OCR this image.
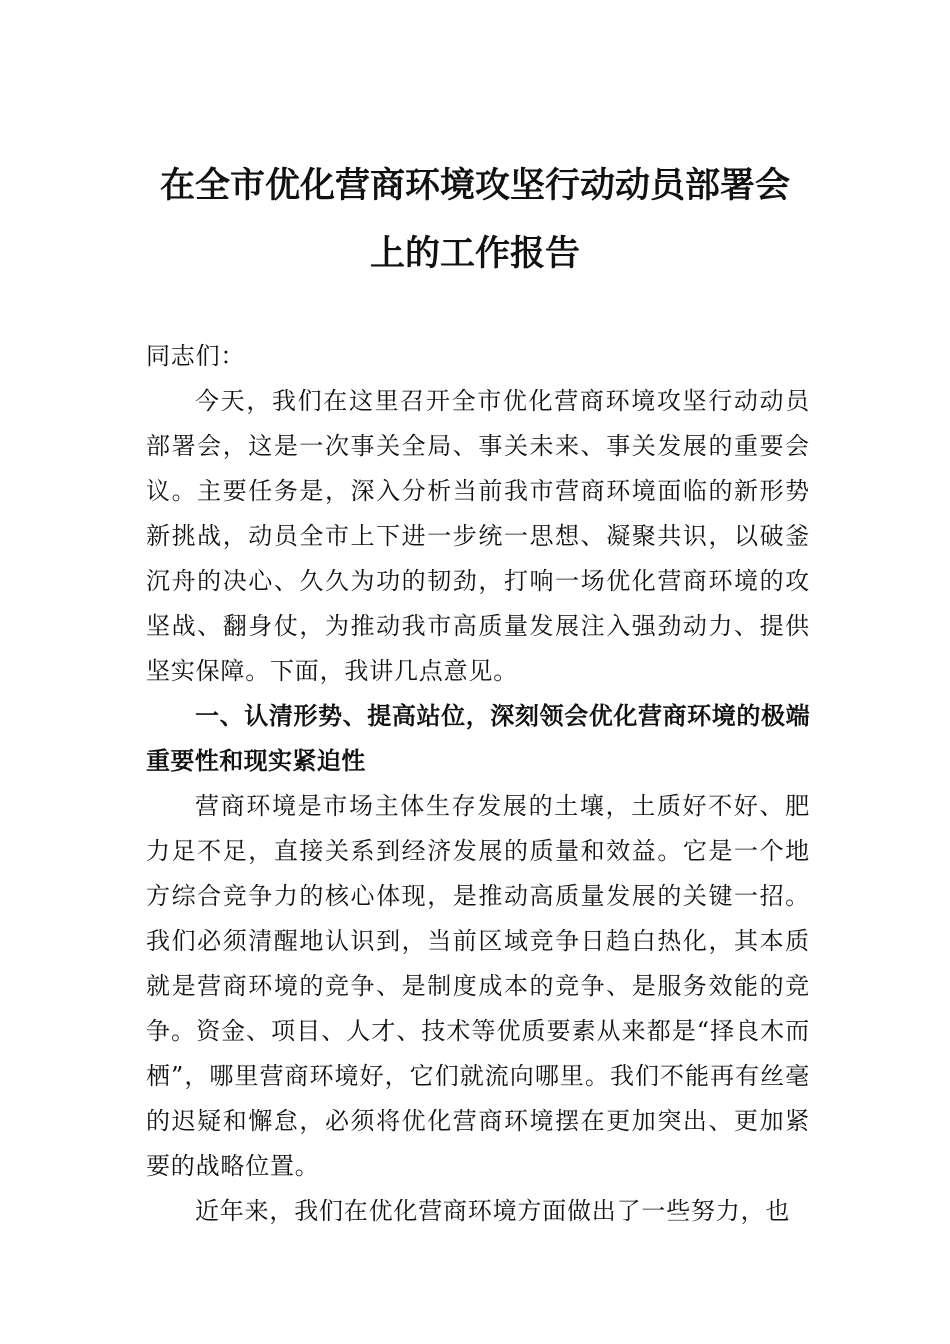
在全市优化营商环境攻坚行动动员部署会
上的工作报告

同志们：

今天，我们在这里召开全市优化营商环境攻坚行动动员部署会，这是一次事关全局、事关未来、事关发展的重要会议。主要任务是，深入分析当前我市营商环境面临的新形势新挑战，动员全市上下进一步统一思想、凝聚共识，以破釜沉舟的决心、久久为功的韧劲，打响一场优化营商环境的攻坚战、翻身仗，为推动我市高质量发展注入强劲动力、提供坚实保障。下面，我讲几点意见。

一、认清形势、提高站位，深刻领会优化营商环境的极端重要性和现实紧迫性

营商环境是市场主体生存发展的土壤，土质好不好、肥力足不足，直接关系到经济发展的质量和效益。它是一个地方综合竞争力的核心体现，是推动高质量发展的关键一招。我们必须清醒地认识到，当前区域竞争日趋白热化，其本质就是营商环境的竞争、是制度成本的竞争、是服务效能的竞争。资金、项目、人才、技术等优质要素从来都是“择良木而栖”，哪里营商环境好，它们就流向哪里。我们不能再有丝毫的迟疑和懈怠，必须将优化营商环境摆在更加突出、更加紧要的战略位置。

近年来，我们在优化营商环境方面做出了一些努力，也
